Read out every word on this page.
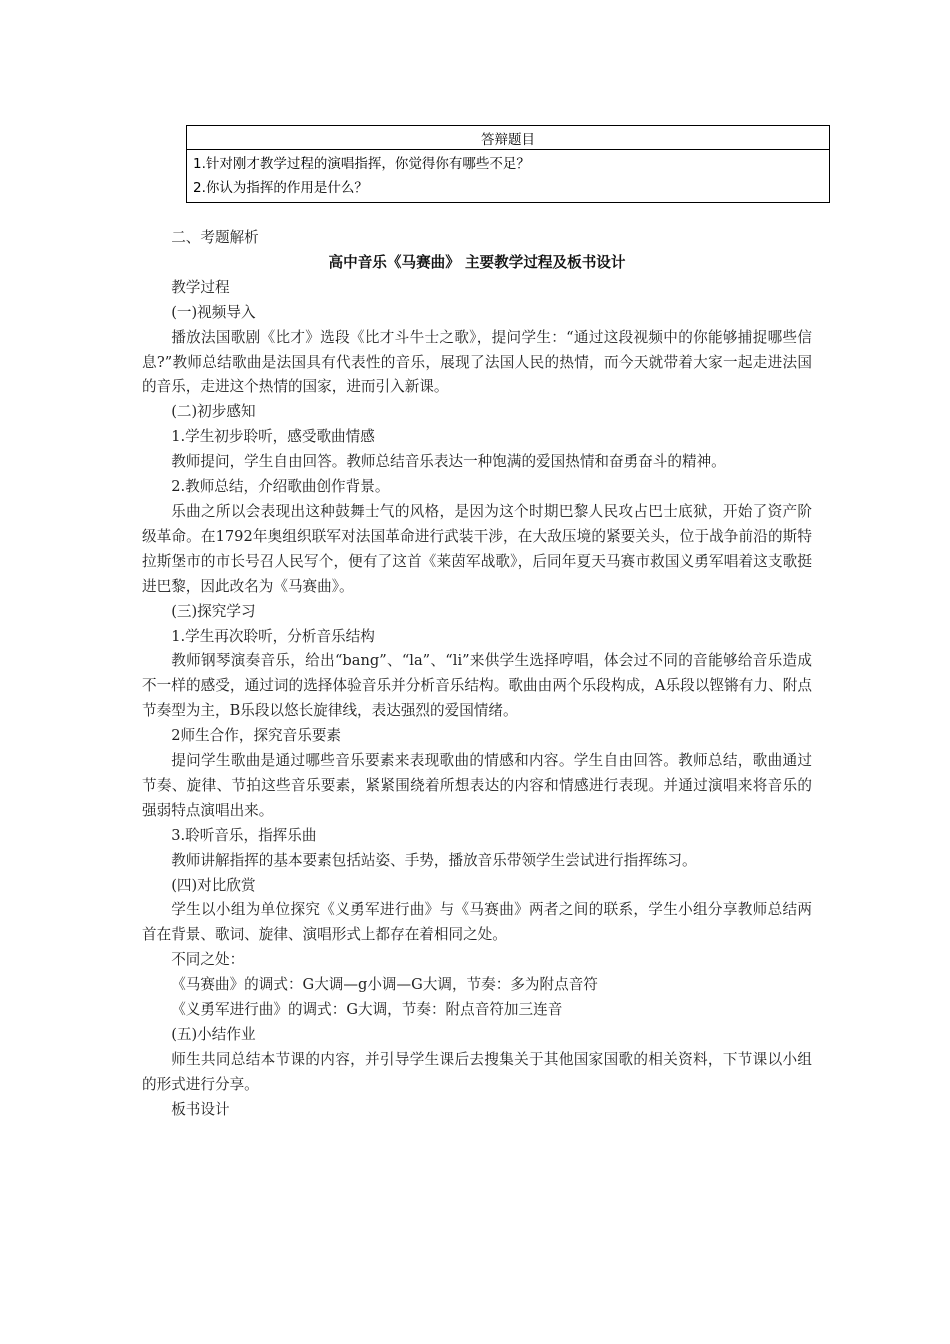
答辩题目

1.针对刚才教学过程的演唱指挥，你觉得你有哪些不足？
2.你认为指挥的作用是什么？

二、考题解析

高中音乐《马赛曲》 主要教学过程及板书设计

教学过程

(一)视频导入

播放法国歌剧《比才》选段《比才斗牛士之歌》，提问学生：“通过这段视频中的你能够捕捉哪些信息?”教师总结歌曲是法国具有代表性的音乐，展现了法国人民的热情，而今天就带着大家一起走进法国的音乐，走进这个热情的国家，进而引入新课。

(二)初步感知

1.学生初步聆听，感受歌曲情感

教师提问，学生自由回答。教师总结音乐表达一种饱满的爱国热情和奋勇奋斗的精神。

2.教师总结，介绍歌曲创作背景。

乐曲之所以会表现出这种鼓舞士气的风格，是因为这个时期巴黎人民攻占巴士底狱，开始了资产阶级革命。在1792年奥组织联军对法国革命进行武装干涉，在大敌压境的紧要关头，位于战争前沿的斯特拉斯堡市的市长号召人民写个，便有了这首《莱茵军战歌》，后同年夏天马赛市救国义勇军唱着这支歌挺进巴黎，因此改名为《马赛曲》。

(三)探究学习

1.学生再次聆听，分析音乐结构

教师钢琴演奏音乐，给出“bang”、“la”、“li”来供学生选择哼唱，体会过不同的音能够给音乐造成不一样的感受，通过词的选择体验音乐并分析音乐结构。歌曲由两个乐段构成，A乐段以铿锵有力、附点节奏型为主，B乐段以悠长旋律线，表达强烈的爱国情绪。

2师生合作，探究音乐要素

提问学生歌曲是通过哪些音乐要素来表现歌曲的情感和内容。学生自由回答。教师总结，歌曲通过节奏、旋律、节拍这些音乐要素，紧紧围绕着所想表达的内容和情感进行表现。并通过演唱来将音乐的强弱特点演唱出来。

3.聆听音乐，指挥乐曲

教师讲解指挥的基本要素包括站姿、手势，播放音乐带领学生尝试进行指挥练习。

(四)对比欣赏

学生以小组为单位探究《义勇军进行曲》与《马赛曲》两者之间的联系，学生小组分享教师总结两首在背景、歌词、旋律、演唱形式上都存在着相同之处。

不同之处：

《马赛曲》的调式：G大调—g小调—G大调，节奏：多为附点音符

《义勇军进行曲》的调式：G大调，节奏：附点音符加三连音

(五)小结作业

师生共同总结本节课的内容，并引导学生课后去搜集关于其他国家国歌的相关资料，下节课以小组的形式进行分享。

板书设计
